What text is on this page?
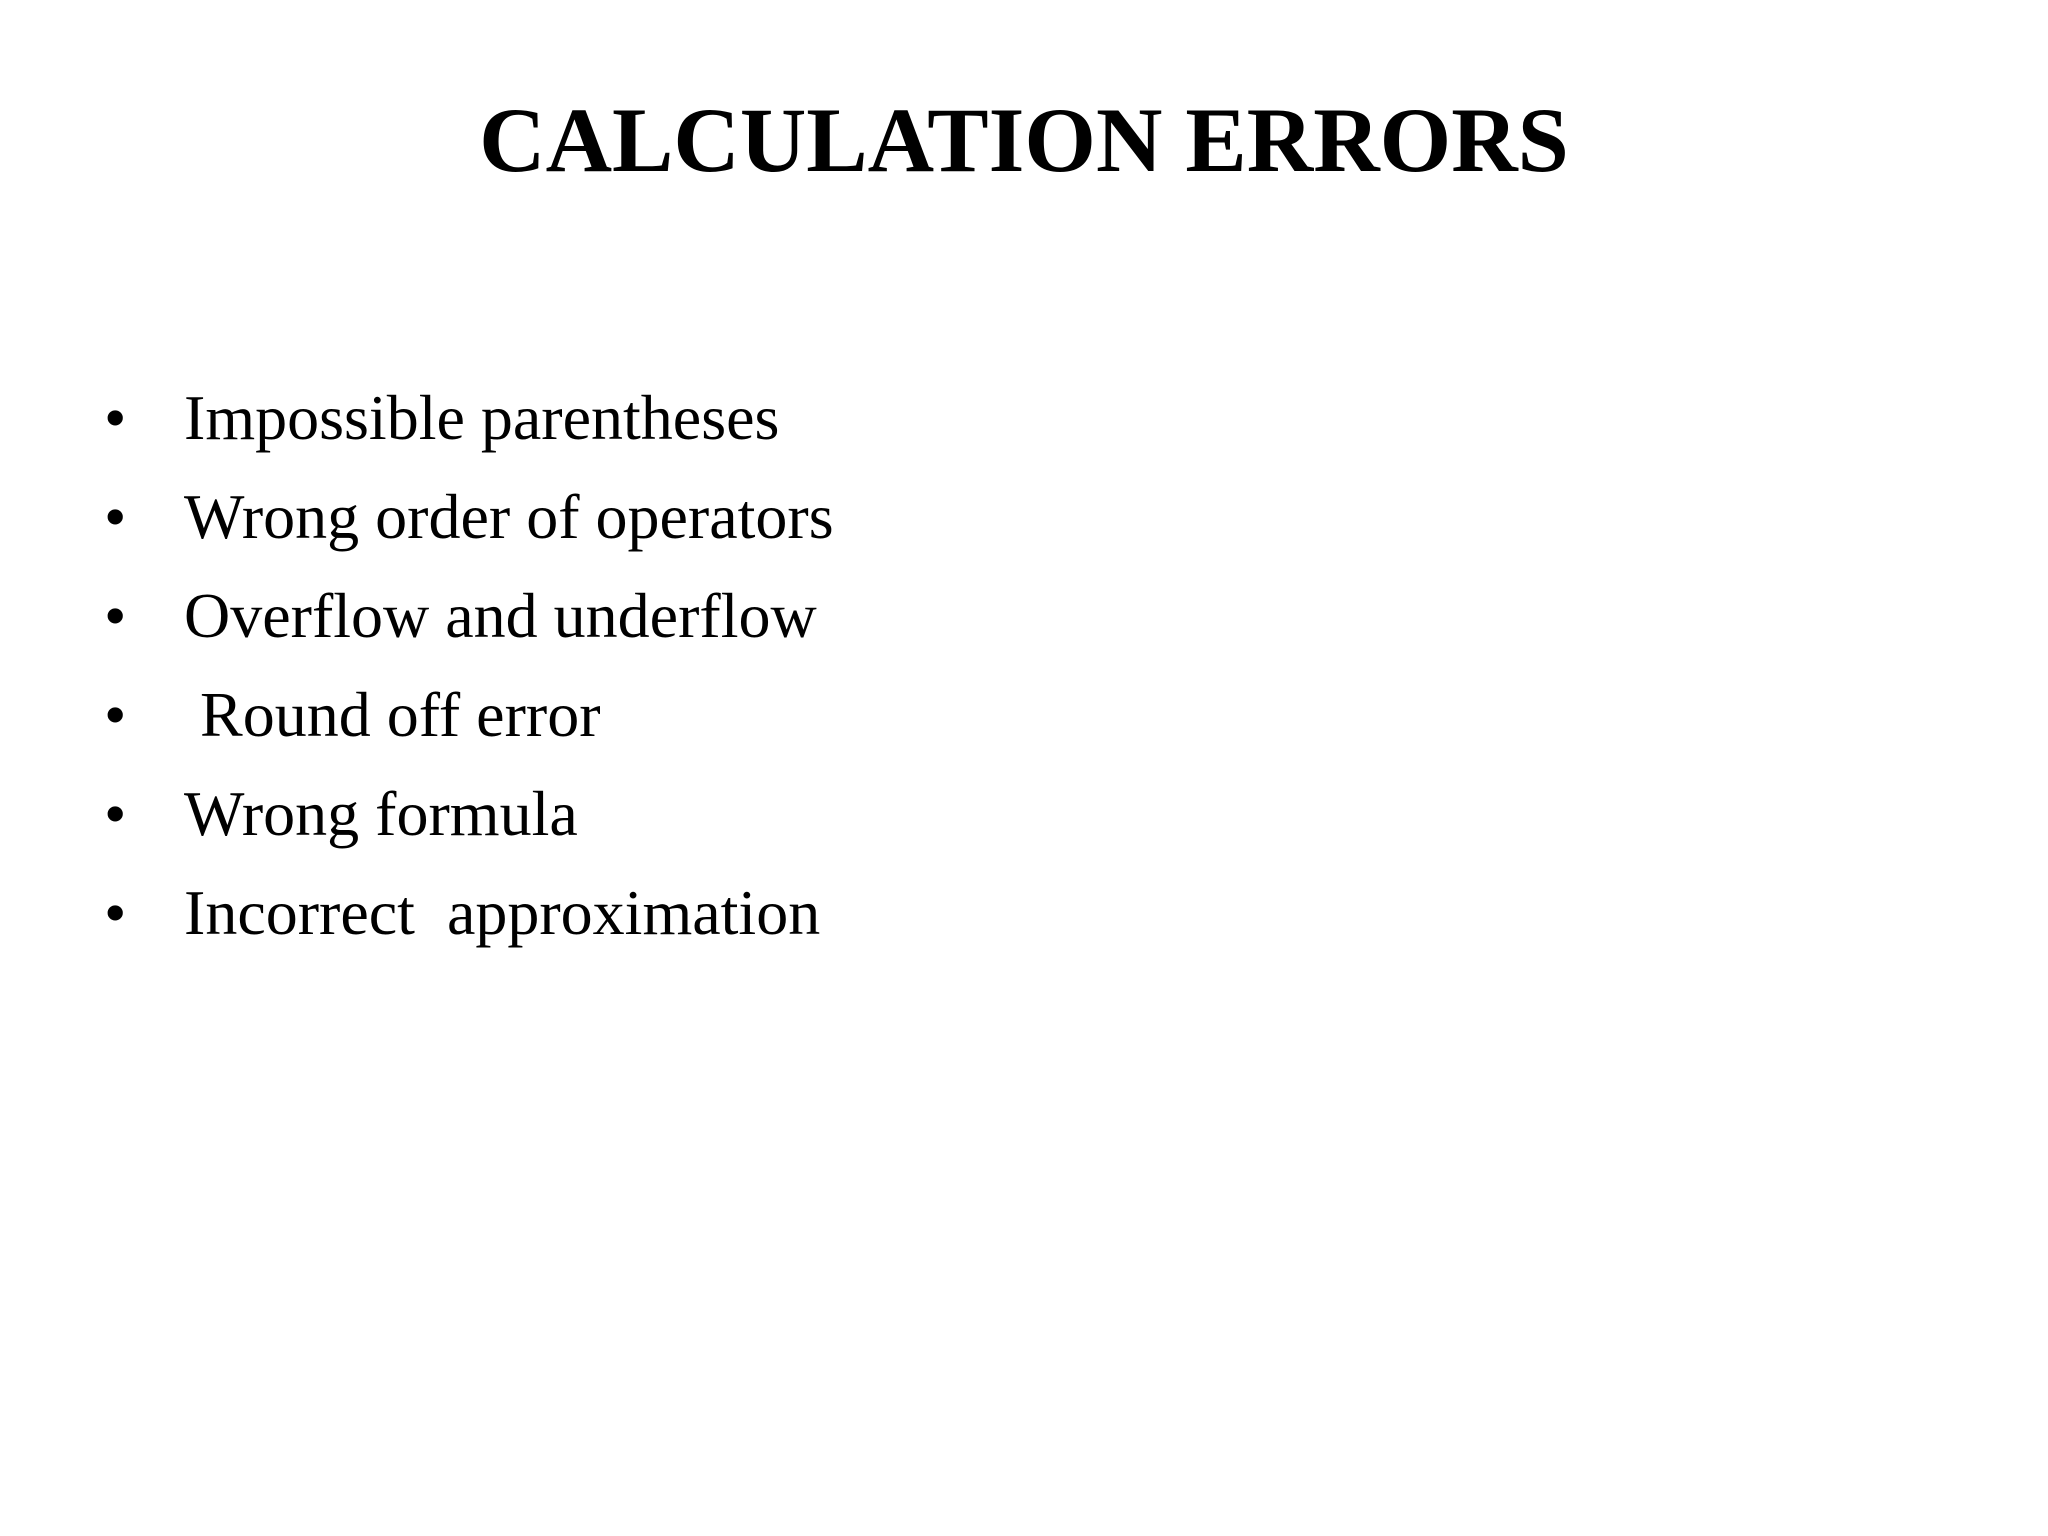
CALCULATION ERRORS

•

Impossible parentheses

•

Wrong order of operators

•

Overflow and underflow

•

Round off error

•

Wrong formula

•

Incorrect  approximation
